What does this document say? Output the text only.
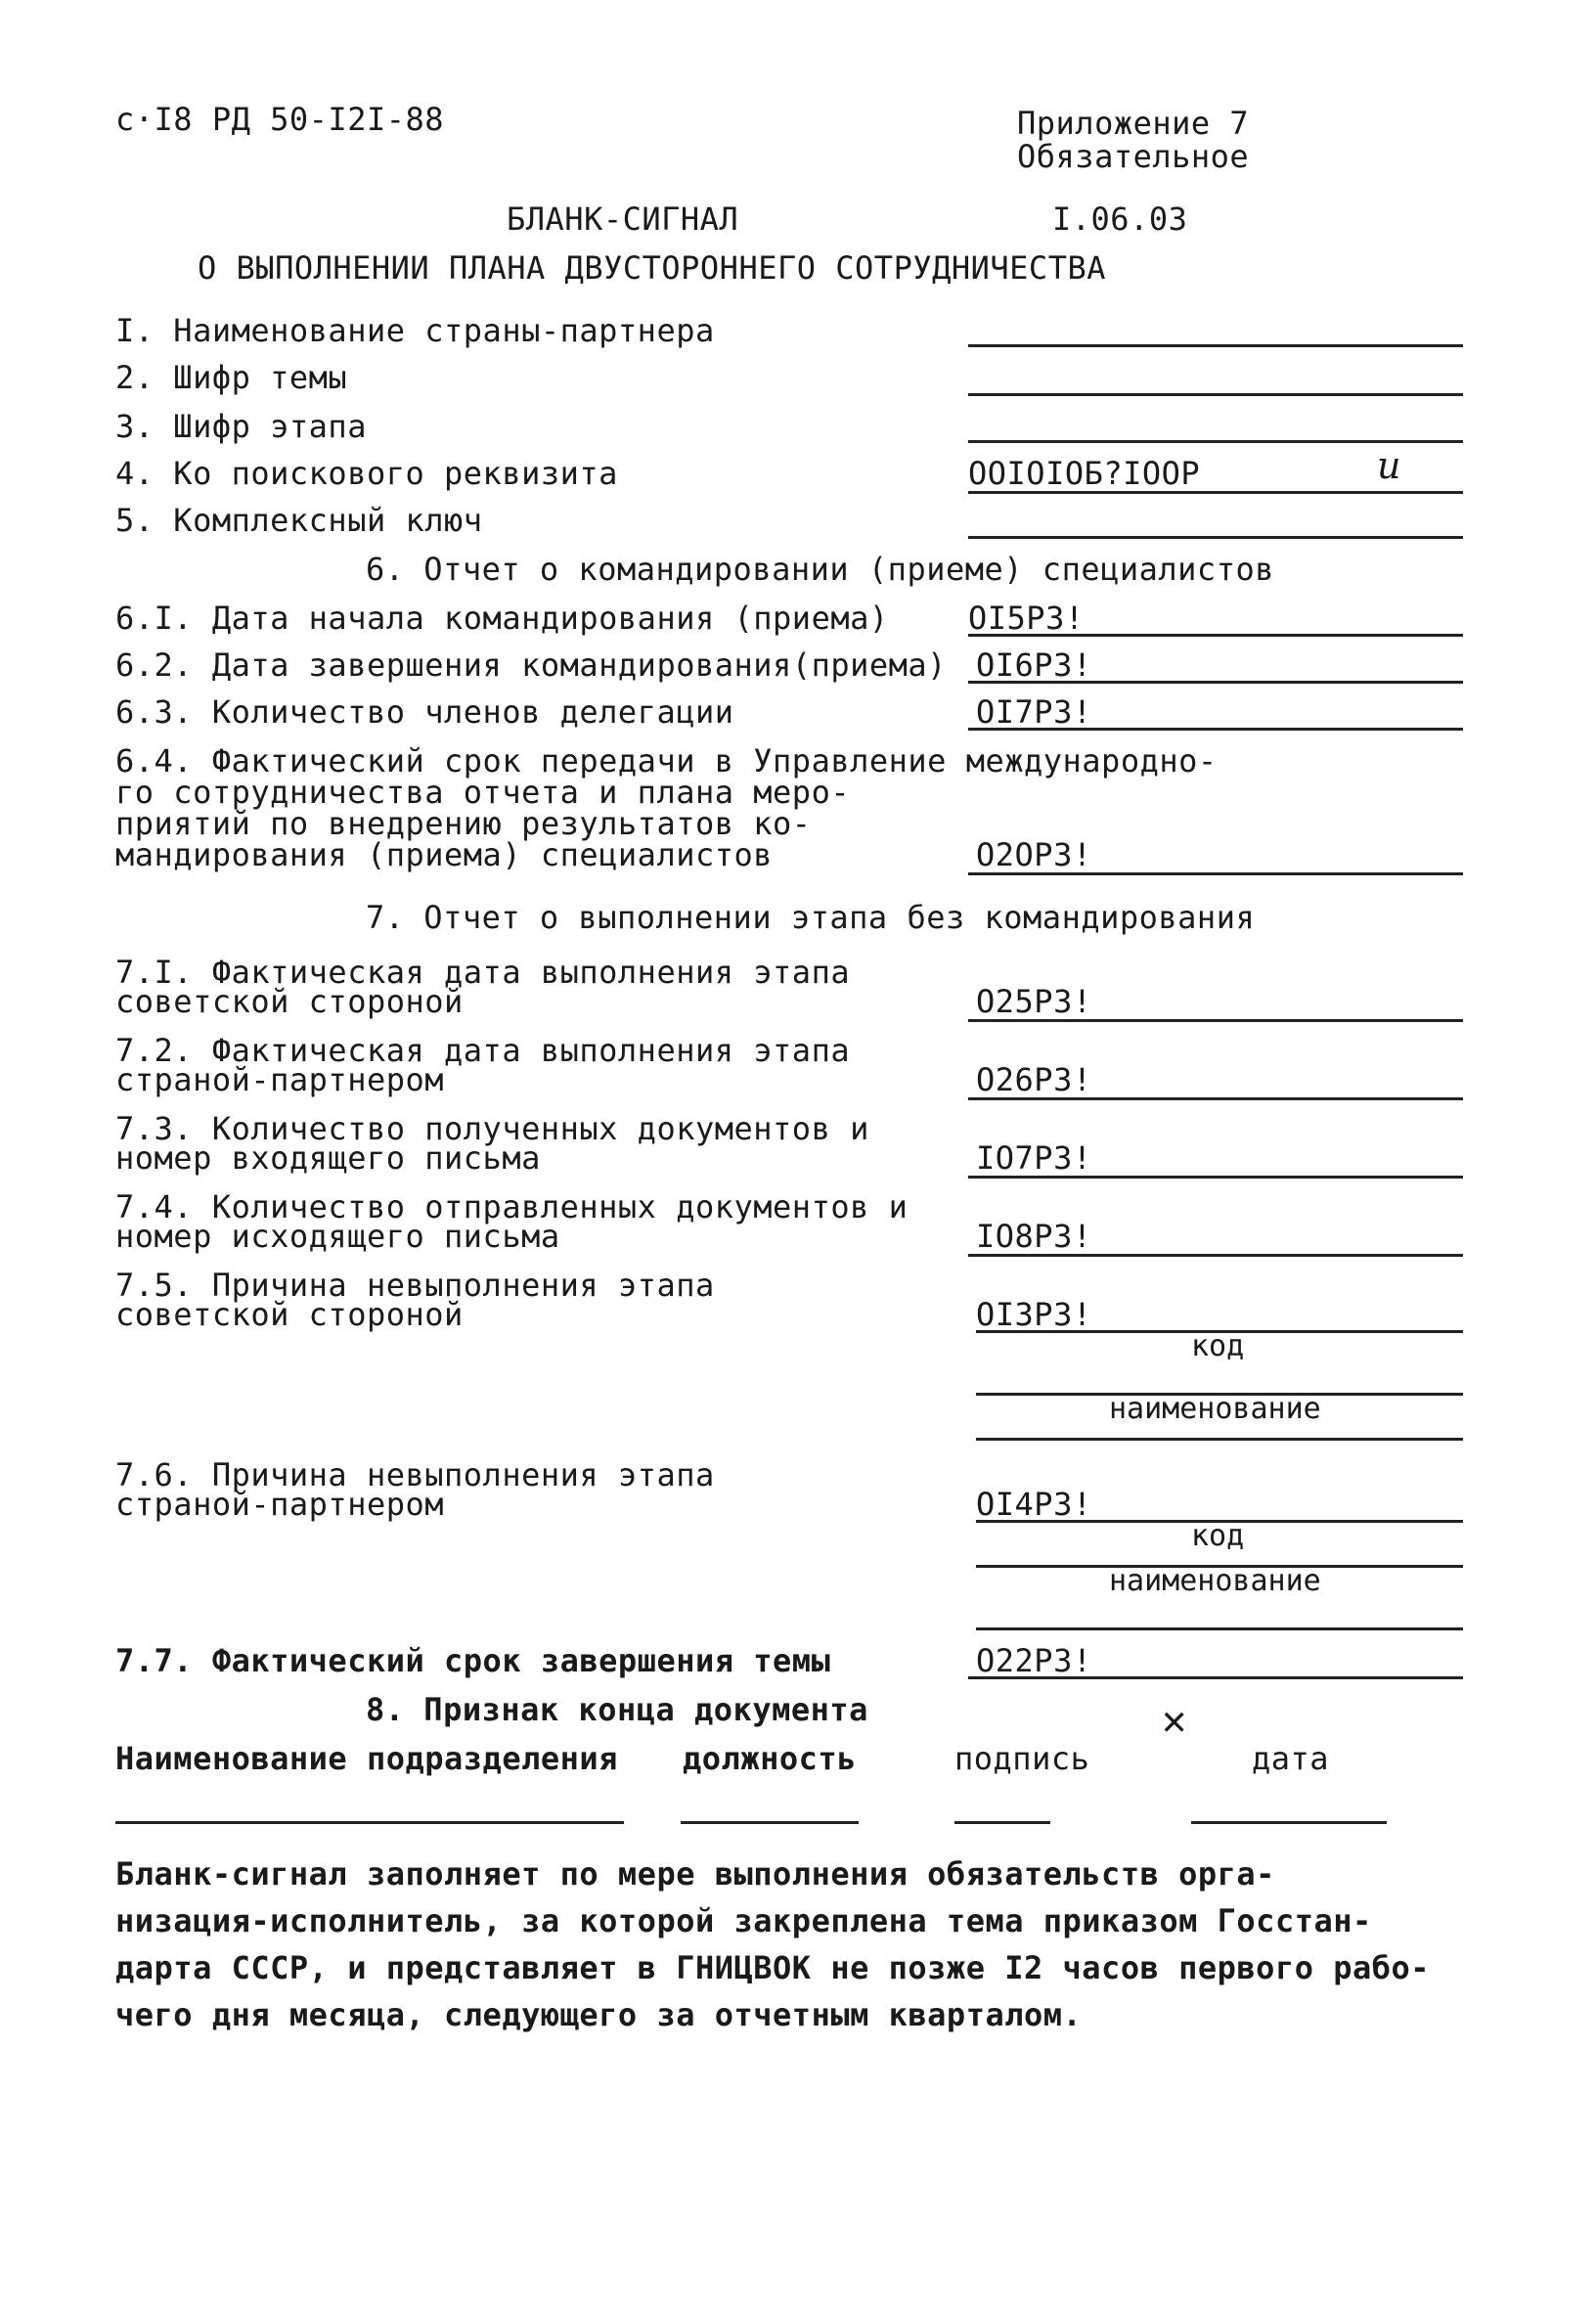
с·I8 РД 50-I2I-88	Приложение 7
Обязательное
БЛАНК-СИГНАЛ	I.06.03
О ВЫПОЛНЕНИИ ПЛАНА ДВУСТОРОННЕГО СОТРУДНИЧЕСТВА
I. Наименование страны-партнера
2. Шифр темы
3. Шифр этапа
4. Ко поискового реквизита	OOIOIOБ?IOOP	и
5. Комплексный ключ
6. Отчет о командировании (приеме) специалистов
6.I. Дата начала командирования (приема)	OI5P3!
6.2. Дата завершения командирования(приема) OI6P3!
6.3. Количество членов делегации	OI7P3!
6.4. Фактический срок передачи в Управление международно-
го сотрудничества отчета и плана меро-
приятий по внедрению результатов ко-
мандирования (приема) специалистов	O2OP3!
7. Отчет о выполнении этапа без командирования
7.I. Фактическая дата выполнения этапа
советской стороной	O25P3!
7.2. Фактическая дата выполнения этапа
страной-партнером	O26P3!
7.3. Количество полученных документов и
номер входящего письма	IO7P3!
7.4. Количество отправленных документов и
номер исходящего письма	IO8P3!
7.5. Причина невыполнения этапа
советской стороной	OI3P3!
код
наименование
7.6. Причина невыполнения этапа
страной-партнером	OI4P3!
код
наименование
7.7. Фактический срок завершения темы	O22P3!
8. Признак конца документа	✕
Наименование подразделения должность	подпись	дата
Бланк-сигнал заполняет по мере выполнения обязательств орга-
низация-исполнитель, за которой закреплена тема приказом Госстан-
дарта СССР, и представляет в ГНИЦВОК не позже I2 часов первого рабо-
чего дня месяца, следующего за отчетным кварталом.
